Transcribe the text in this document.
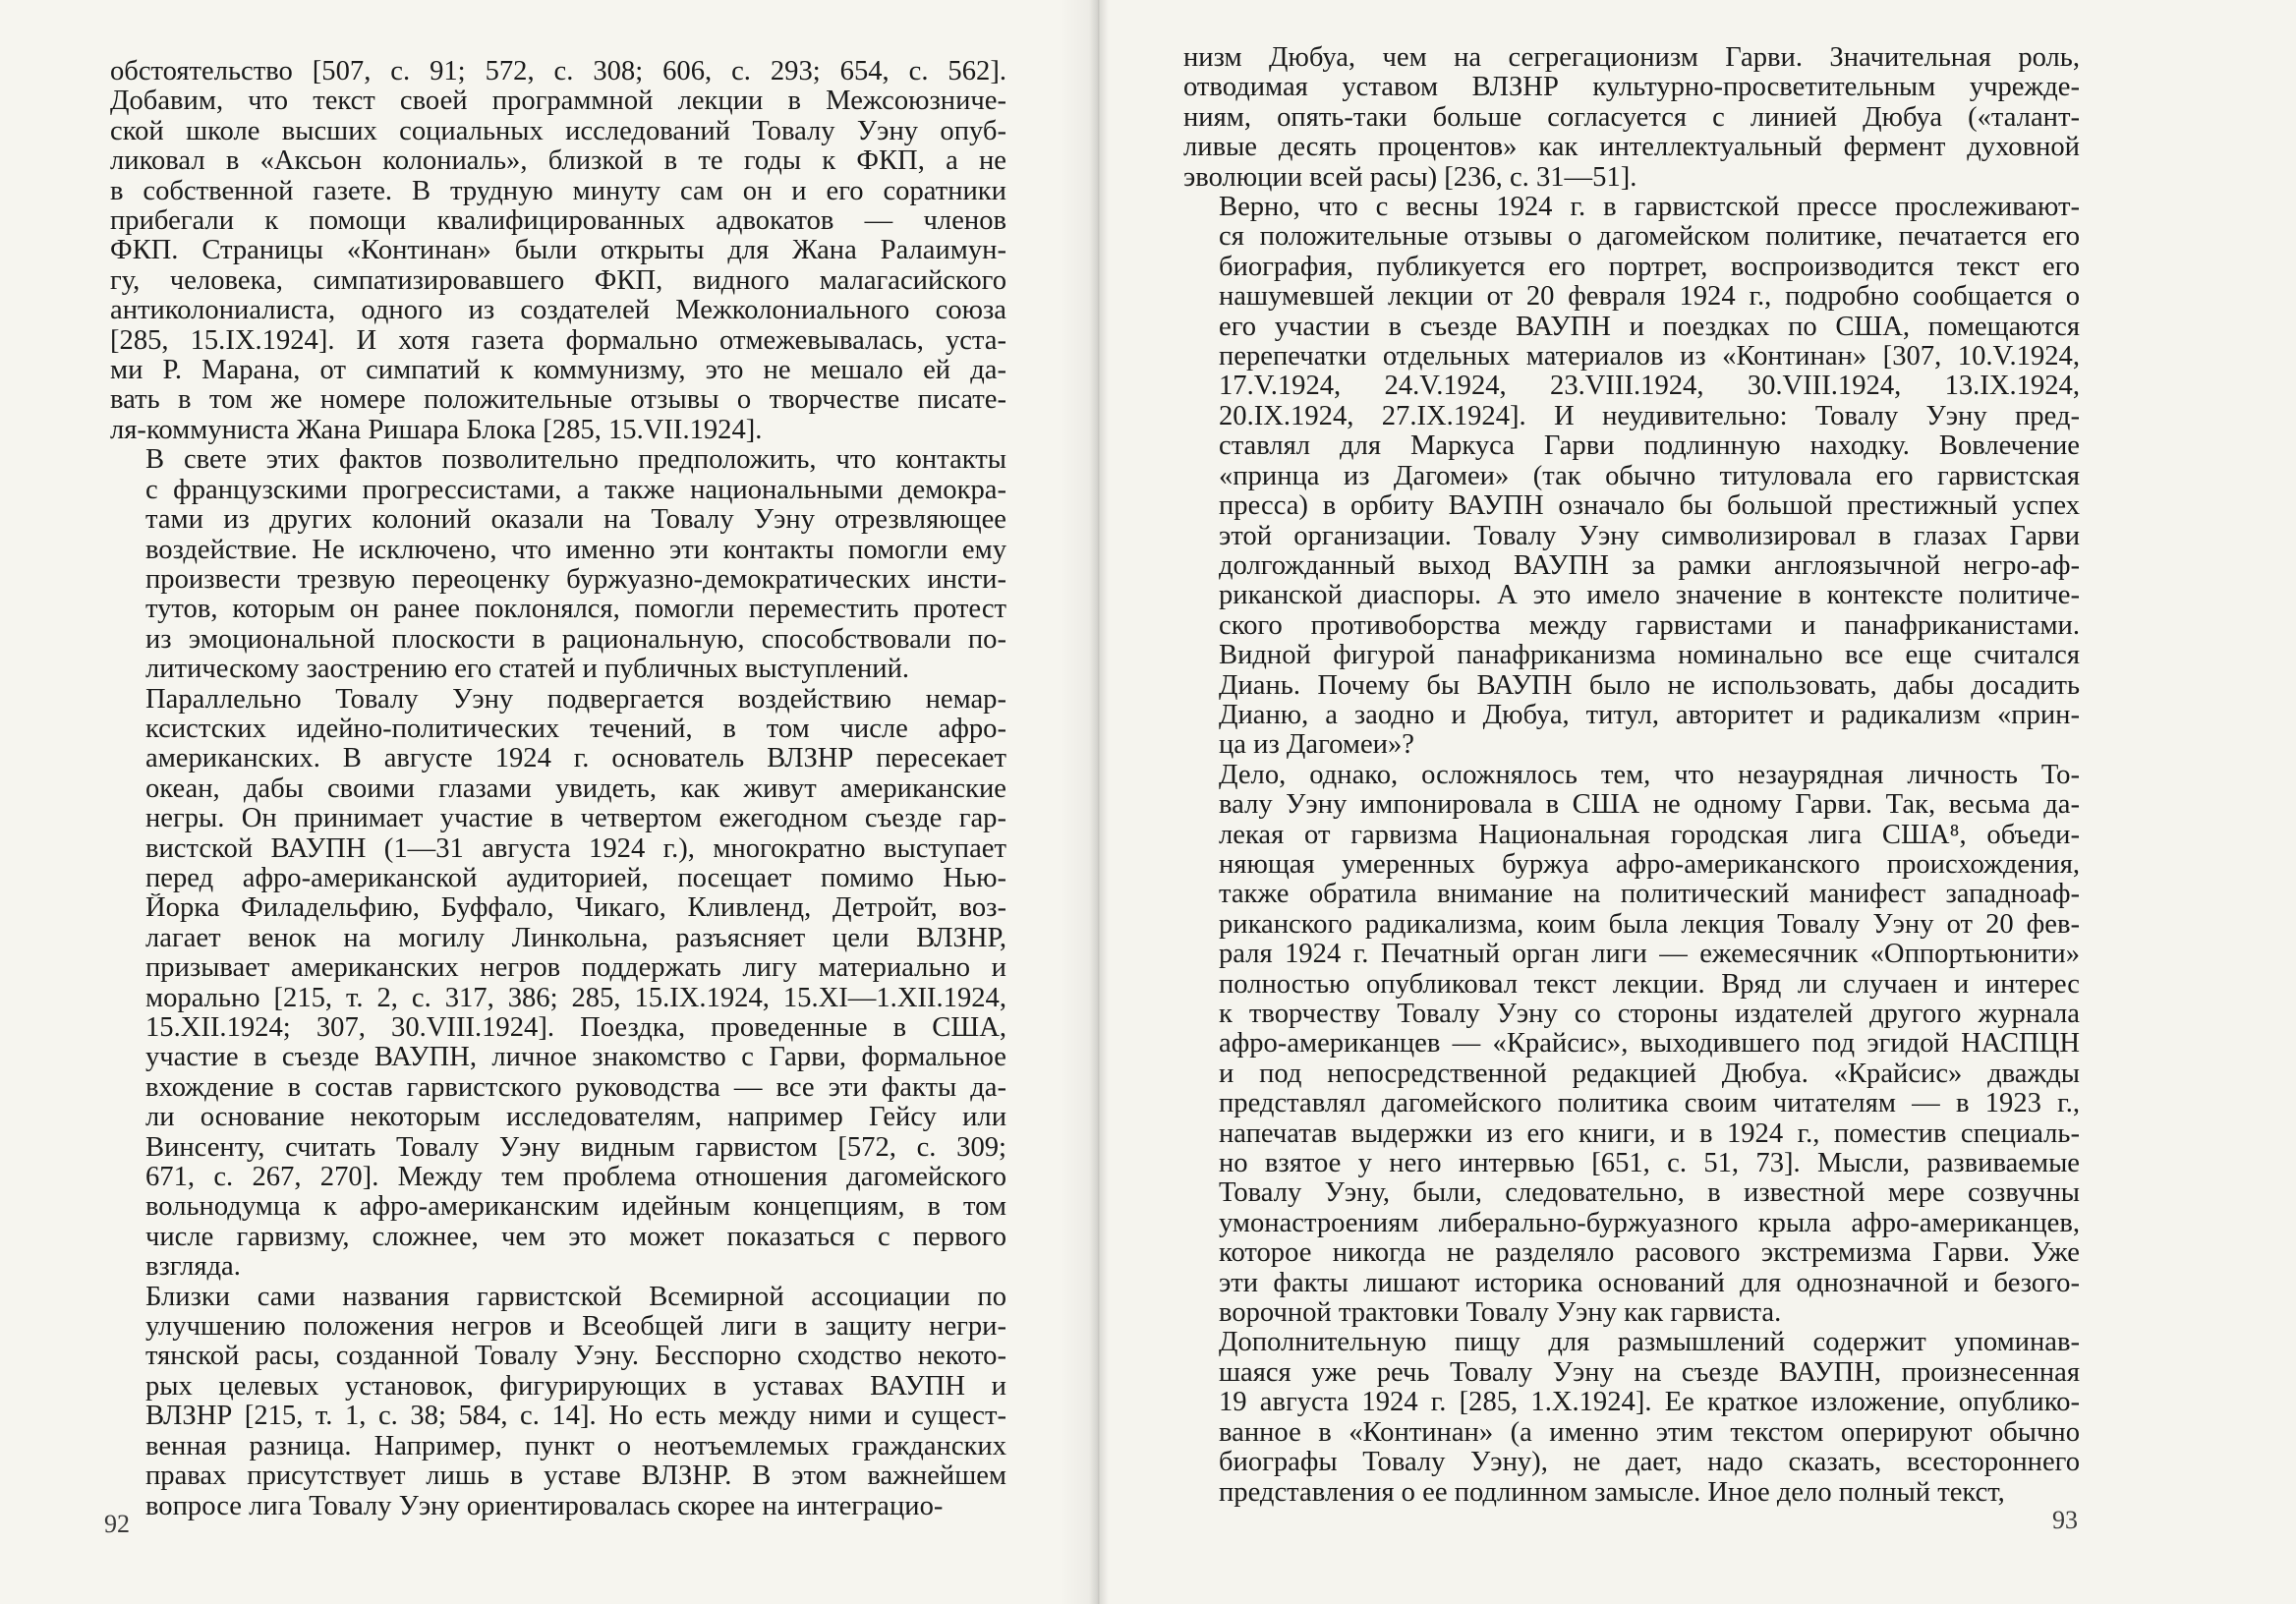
обстоятельство [507, с. 91; 572, с. 308; 606, с. 293; 654, с. 562].
Добавим, что текст своей программной лекции в Межсоюзниче-
ской школе высших социальных исследований Товалу Уэну опуб-
ликовал в «Аксьон колониаль», близкой в те годы к ФКП, а не
в собственной газете. В трудную минуту сам он и его соратники
прибегали к помощи квалифицированных адвокатов — членов
ФКП. Страницы «Континан» были открыты для Жана Ралаимун-
гу, человека, симпатизировавшего ФКП, видного малагасийского
антиколониалиста, одного из создателей Межколониального союза
[285, 15.IX.1924]. И хотя газета формально отмежевывалась, уста-
ми Р. Марана, от симпатий к коммунизму, это не мешало ей да-
вать в том же номере положительные отзывы о творчестве писате-
ля-коммуниста Жана Ришара Блока [285, 15.VII.1924].
В свете этих фактов позволительно предположить, что контакты
с французскими прогрессистами, а также национальными демокра-
тами из других колоний оказали на Товалу Уэну отрезвляющее
воздействие. Не исключено, что именно эти контакты помогли ему
произвести трезвую переоценку буржуазно-демократических инсти-
тутов, которым он ранее поклонялся, помогли переместить протест
из эмоциональной плоскости в рациональную, способствовали по-
литическому заострению его статей и публичных выступлений.
Параллельно Товалу Уэну подвергается воздействию немар-
ксистских идейно-политических течений, в том числе афро-
американских. В августе 1924 г. основатель ВЛЗНР пересекает
океан, дабы своими глазами увидеть, как живут американские
негры. Он принимает участие в четвертом ежегодном съезде гар-
вистской ВАУПН (1—31 августа 1924 г.), многократно выступает
перед афро-американской аудиторией, посещает помимо Нью-
Йорка Филадельфию, Буффало, Чикаго, Кливленд, Детройт, воз-
лагает венок на могилу Линкольна, разъясняет цели ВЛЗНР,
призывает американских негров поддержать лигу материально и
морально [215, т. 2, с. 317, 386; 285, 15.IX.1924, 15.XI—1.XII.1924,
15.XII.1924; 307, 30.VIII.1924]. Поездка, проведенные в США,
участие в съезде ВАУПН, личное знакомство с Гарви, формальное
вхождение в состав гарвистского руководства — все эти факты да-
ли основание некоторым исследователям, например Гейсу или
Винсенту, считать Товалу Уэну видным гарвистом [572, с. 309;
671, с. 267, 270]. Между тем проблема отношения дагомейского
вольнодумца к афро-американским идейным концепциям, в том
числе гарвизму, сложнее, чем это может показаться с первого
взгляда.
Близки сами названия гарвистской Всемирной ассоциации по
улучшению положения негров и Всеобщей лиги в защиту негри-
тянской расы, созданной Товалу Уэну. Бесспорно сходство некото-
рых целевых установок, фигурирующих в уставах ВАУПН и
ВЛЗНР [215, т. 1, с. 38; 584, с. 14]. Но есть между ними и сущест-
венная разница. Например, пункт о неотъемлемых гражданских
правах присутствует лишь в уставе ВЛЗНР. В этом важнейшем
вопросе лига Товалу Уэну ориентировалась скорее на интеграцио-
низм Дюбуа, чем на сегрегационизм Гарви. Значительная роль,
отводимая уставом ВЛЗНР культурно-просветительным учрежде-
ниям, опять-таки больше согласуется с линией Дюбуа («талант-
ливые десять процентов» как интеллектуальный фермент духовной
эволюции всей расы) [236, с. 31—51].
Верно, что с весны 1924 г. в гарвистской прессе прослеживают-
ся положительные отзывы о дагомейском политике, печатается его
биография, публикуется его портрет, воспроизводится текст его
нашумевшей лекции от 20 февраля 1924 г., подробно сообщается о
его участии в съезде ВАУПН и поездках по США, помещаются
перепечатки отдельных материалов из «Континан» [307, 10.V.1924,
17.V.1924, 24.V.1924, 23.VIII.1924, 30.VIII.1924, 13.IX.1924,
20.IX.1924, 27.IX.1924]. И неудивительно: Товалу Уэну пред-
ставлял для Маркуса Гарви подлинную находку. Вовлечение
«принца из Дагомеи» (так обычно титуловала его гарвистская
пресса) в орбиту ВАУПН означало бы большой престижный успех
этой организации. Товалу Уэну символизировал в глазах Гарви
долгожданный выход ВАУПН за рамки англоязычной негро-аф-
риканской диаспоры. А это имело значение в контексте политиче-
ского противоборства между гарвистами и панафриканистами.
Видной фигурой панафриканизма номинально все еще считался
Диань. Почему бы ВАУПН было не использовать, дабы досадить
Дианю, а заодно и Дюбуа, титул, авторитет и радикализм «прин-
ца из Дагомеи»?
Дело, однако, осложнялось тем, что незаурядная личность То-
валу Уэну импонировала в США не одному Гарви. Так, весьма да-
лекая от гарвизма Национальная городская лига США⁸, объеди-
няющая умеренных буржуа афро-американского происхождения,
также обратила внимание на политический манифест западноаф-
риканского радикализма, коим была лекция Товалу Уэну от 20 фев-
раля 1924 г. Печатный орган лиги — ежемесячник «Оппортьюнити»
полностью опубликовал текст лекции. Вряд ли случаен и интерес
к творчеству Товалу Уэну со стороны издателей другого журнала
афро-американцев — «Крайсис», выходившего под эгидой НАСПЦН
и под непосредственной редакцией Дюбуа. «Крайсис» дважды
представлял дагомейского политика своим читателям — в 1923 г.,
напечатав выдержки из его книги, и в 1924 г., поместив специаль-
но взятое у него интервью [651, с. 51, 73]. Мысли, развиваемые
Товалу Уэну, были, следовательно, в известной мере созвучны
умонастроениям либерально-буржуазного крыла афро-американцев,
которое никогда не разделяло расового экстремизма Гарви. Уже
эти факты лишают историка оснований для однозначной и безого-
ворочной трактовки Товалу Уэну как гарвиста.
Дополнительную пищу для размышлений содержит упоминав-
шаяся уже речь Товалу Уэну на съезде ВАУПН, произнесенная
19 августа 1924 г. [285, 1.X.1924]. Ее краткое изложение, опублико-
ванное в «Континан» (а именно этим текстом оперируют обычно
биографы Товалу Уэну), не дает, надо сказать, всестороннего
представления о ее подлинном замысле. Иное дело полный текст,
92	93
